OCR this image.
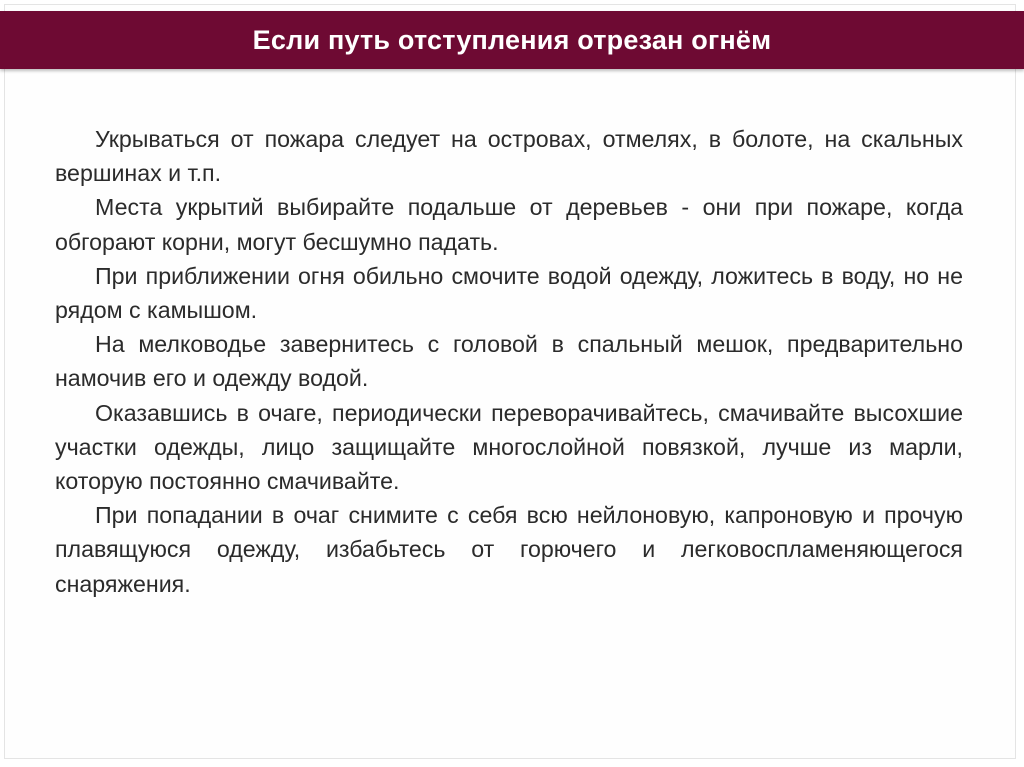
Если путь отступления отрезан огнём

Укрываться от пожара следует на островах, отмелях, в болоте, на скальных вершинах и т.п.

Места укрытий выбирайте подальше от деревьев - они при пожаре, когда обгорают корни, могут бесшумно падать.

При приближении огня обильно смочите водой одежду, ложитесь в воду, но не рядом с камышом.

На мелководье завернитесь с головой в спальный мешок, предварительно намочив его и одежду водой.

Оказавшись в очаге, периодически переворачивайтесь, смачивайте высохшие участки одежды, лицо защищайте многослойной повязкой, лучше из марли, которую постоянно смачивайте.

При попадании в очаг снимите с себя всю нейлоновую, капроновую и прочую плавящуюся одежду, избабьтесь от горючего и легковоспламеняющегося снаряжения.
